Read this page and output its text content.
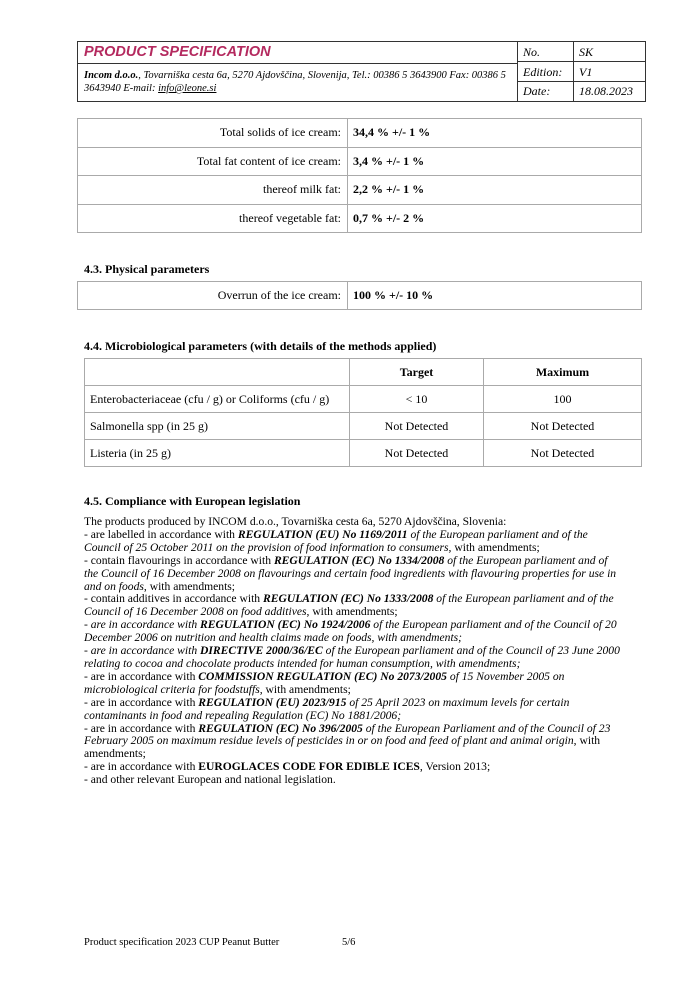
PRODUCT SPECIFICATION
Incom d.o.o., Tovarniška cesta 6a, 5270 Ajdovščina, Slovenija, Tel.: 00386 5 3643900 Fax: 00386 5 3643940 E-mail: info@leone.si
No.	SK
Edition:	V1
Date:	18.08.2023
Total solids of ice cream:	34,4 % +/- 1 %
Total fat content of ice cream:	3,4 % +/- 1 %
thereof milk fat:	2,2 % +/- 1 %
thereof vegetable fat:	0,7 % +/- 2 %
4.3. Physical parameters
Overrun of the ice cream:	100 % +/- 10 %
4.4. Microbiological parameters (with details of the methods applied)
	Target	Maximum
Enterobacteriaceae (cfu / g) or Coliforms (cfu / g)	< 10	100
Salmonella spp (in 25 g)	Not Detected	Not Detected
Listeria (in 25 g)	Not Detected	Not Detected
4.5. Compliance with European legislation

The products produced by INCOM d.o.o., Tovarniška cesta 6a, 5270 Ajdovščina, Slovenia:

- are labelled in accordance with REGULATION (EU) No 1169/2011 of the European parliament and of the Council of 25 October 2011 on the provision of food information to consumers, with amendments;

- contain flavourings in accordance with REGULATION (EC) No 1334/2008 of the European parliament and of the Council of 16 December 2008 on flavourings and certain food ingredients with flavouring properties for use in and on foods, with amendments;

- contain additives in accordance with REGULATION (EC) No 1333/2008 of the European parliament and of the Council of 16 December 2008 on food additives, with amendments;

- are in accordance with REGULATION (EC) No 1924/2006 of the European parliament and of the Council of 20 December 2006 on nutrition and health claims made on foods, with amendments;

- are in accordance with DIRECTIVE 2000/36/EC of the European parliament and of the Council of 23 June 2000 relating to cocoa and chocolate products intended for human consumption, with amendments;

- are in accordance with COMMISSION REGULATION (EC) No 2073/2005 of 15 November 2005 on microbiological criteria for foodstuffs, with amendments;

- are in accordance with REGULATION (EU) 2023/915 of 25 April 2023 on maximum levels for certain contaminants in food and repealing Regulation (EC) No 1881/2006;

- are in accordance with REGULATION (EC) No 396/2005 of the European Parliament and of the Council of 23 February 2005 on maximum residue levels of pesticides in or on food and feed of plant and animal origin, with amendments;

- are in accordance with EUROGLACES CODE FOR EDIBLE ICES, Version 2013;

- and other relevant European and national legislation.

Product specification 2023 CUP Peanut Butter	5/6
